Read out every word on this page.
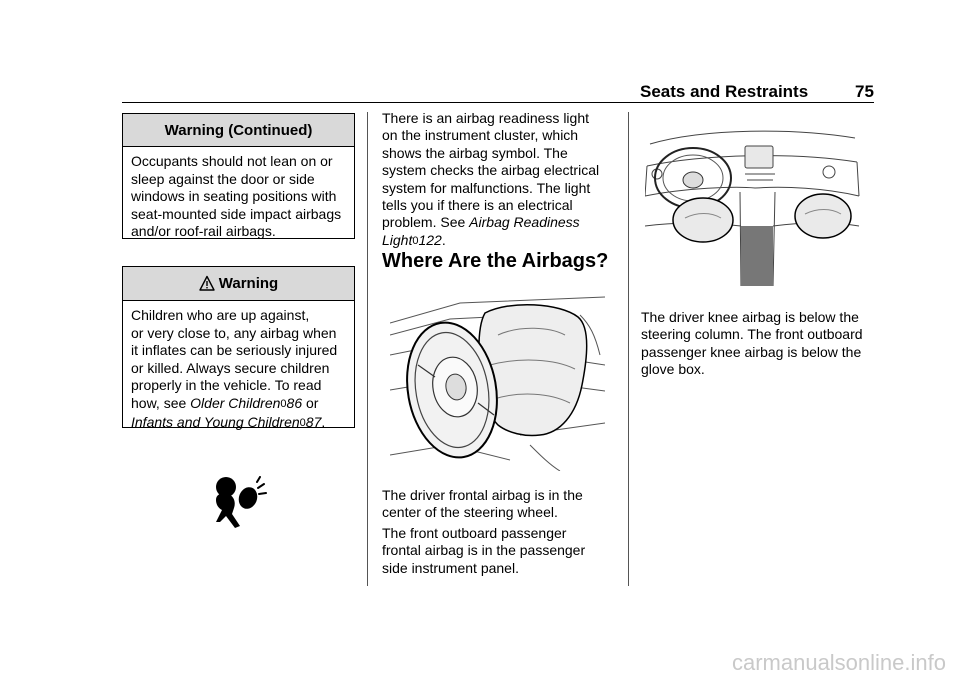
Seats and Restraints	75
Warning (Continued)
Occupants should not lean on or
sleep against the door or side
windows in seating positions with
seat-mounted side impact airbags
and/or roof-rail airbags.
Warning
Children who are up against,
or very close to, any airbag when
it inflates can be seriously injured
or killed. Always secure children
properly in the vehicle. To read
how, see Older Children086 or
Infants and Young Children087.
There is an airbag readiness light
on the instrument cluster, which
shows the airbag symbol. The
system checks the airbag electrical
system for malfunctions. The light
tells you if there is an electrical
problem. See Airbag Readiness
Light0122.
Where Are the Airbags?
The driver frontal airbag is in the
center of the steering wheel.
The front outboard passenger
frontal airbag is in the passenger
side instrument panel.
The driver knee airbag is below the
steering column. The front outboard
passenger knee airbag is below the
glove box.
carmanualsonline.info
